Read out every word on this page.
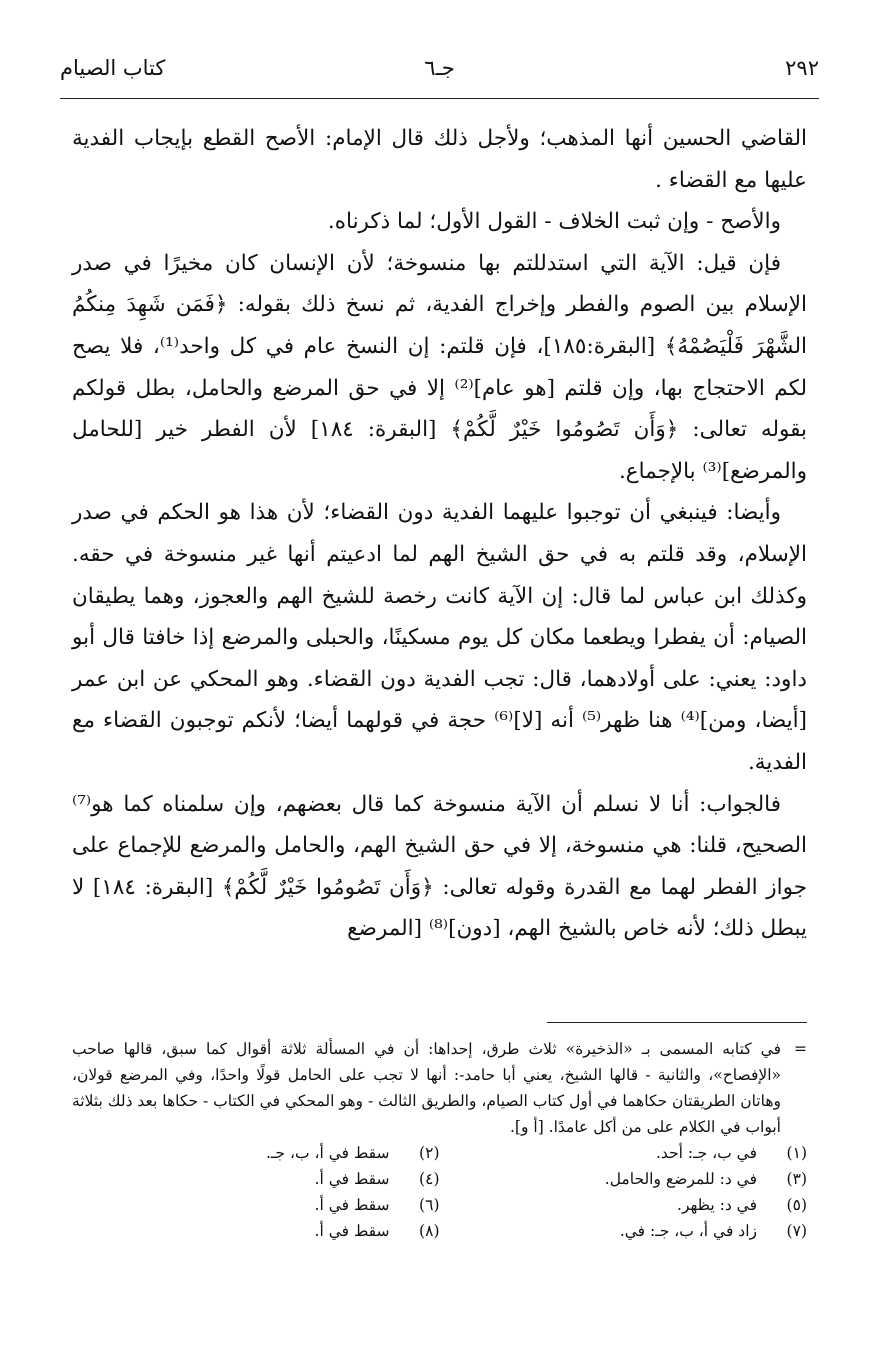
٢٩٢
جـ٦
كتاب الصيام

القاضي الحسين أنها المذهب؛ ولأجل ذلك قال الإمام: الأصح القطع بإيجاب الفدية عليها مع القضاء .

والأصح - وإن ثبت الخلاف - القول الأول؛ لما ذكرناه.

فإن قيل: الآية التي استدللتم بها منسوخة؛ لأن الإنسان كان مخيرًا في صدر الإسلام بين الصوم والفطر وإخراج الفدية، ثم نسخ ذلك بقوله: ﴿فَمَن شَهِدَ مِنكُمُ الشَّهْرَ فَلْيَصُمْهُ﴾ [البقرة:١٨٥]، فإن قلتم: إن النسخ عام في كل واحد⁽¹⁾، فلا يصح لكم الاحتجاج بها، وإن قلتم [هو عام]⁽²⁾ إلا في حق المرضع والحامل، بطل قولكم بقوله تعالى: ﴿وَأَن تَصُومُوا خَيْرٌ لَّكُمْ﴾ [البقرة: ١٨٤] لأن الفطر خير [للحامل والمرضع]⁽³⁾ بالإجماع.

وأيضا: فينبغي أن توجبوا عليهما الفدية دون القضاء؛ لأن هذا هو الحكم في صدر الإسلام، وقد قلتم به في حق الشيخ الهم لما ادعيتم أنها غير منسوخة في حقه. وكذلك ابن عباس لما قال: إن الآية كانت رخصة للشيخ الهم والعجوز، وهما يطيقان الصيام: أن يفطرا ويطعما مكان كل يوم مسكينًا، والحبلى والمرضع إذا خافتا قال أبو داود: يعني: على أولادهما، قال: تجب الفدية دون القضاء. وهو المحكي عن ابن عمر [أيضا، ومن]⁽⁴⁾ هنا ظهر⁽⁵⁾ أنه [لا]⁽⁶⁾ حجة في قولهما أيضا؛ لأنكم توجبون القضاء مع الفدية.

فالجواب: أنا لا نسلم أن الآية منسوخة كما قال بعضهم، وإن سلمناه كما هو⁽⁷⁾ الصحيح، قلنا: هي منسوخة، إلا في حق الشيخ الهم، والحامل والمرضع للإجماع على جواز الفطر لهما مع القدرة وقوله تعالى: ﴿وَأَن تَصُومُوا خَيْرٌ لَّكُمْ﴾ [البقرة: ١٨٤] لا يبطل ذلك؛ لأنه خاص بالشيخ الهم، [دون]⁽⁸⁾ [المرضع

=

في كتابه المسمى بـ «الذخيرة» ثلاث طرق، إحداها: أن في المسألة ثلاثة أقوال كما سبق، قالها صاحب «الإفصاح»، والثانية - قالها الشيخ، يعني أبا حامد-: أنها لا تجب على الحامل قولًا واحدًا، وفي المرضع قولان، وهاتان الطريقتان حكاهما في أول كتاب الصيام، والطريق الثالث - وهو المحكي في الكتاب - حكاها بعد ذلك بثلاثة أبواب في الكلام على من أكل عامدًا. [أ و].

(١)
في ب، جـ: أحد.
(٢)
سقط في أ، ب، جـ.
(٣)
في د: للمرضع والحامل.
(٤)
سقط في أ.
(٥)
في د: يظهر.
(٦)
سقط في أ.
(٧)
زاد في أ، ب، جـ: في.
(٨)
سقط في أ.
